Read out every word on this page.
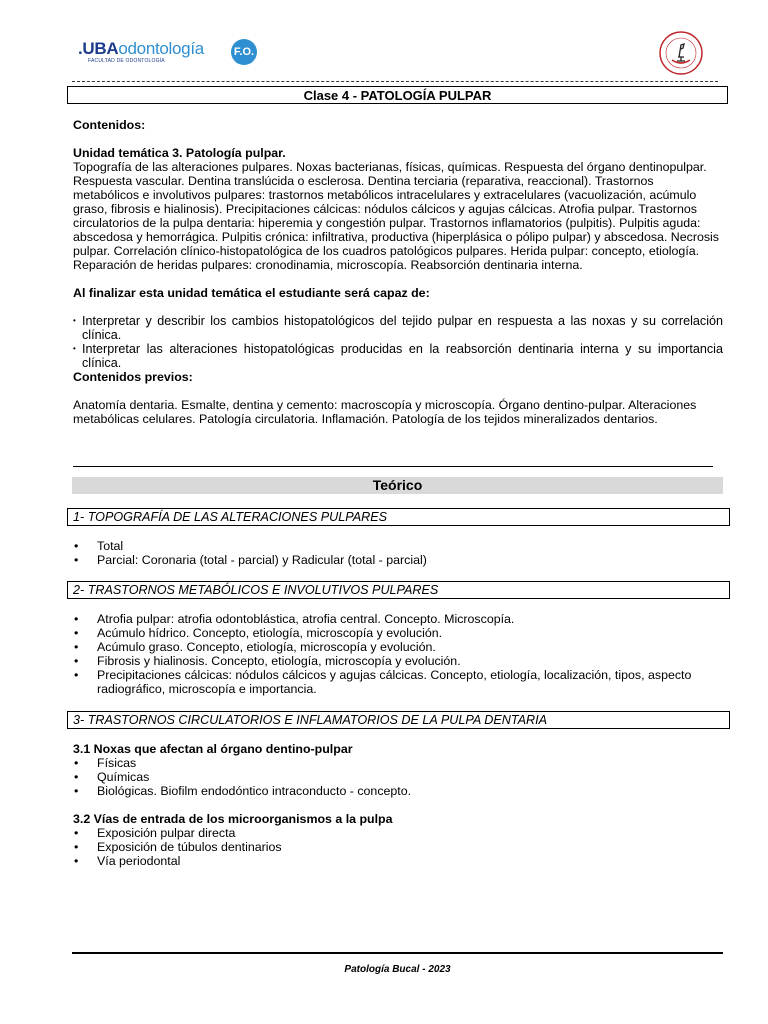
.UBAodontología
FACULTAD DE ODONTOLOGÍA
F.O.
Clase 4 - PATOLOGÍA PULPAR

Contenidos:

Unidad temática 3. Patología pulpar.

Topografía de las alteraciones pulpares. Noxas bacterianas, físicas, químicas. Respuesta del órgano dentinopulpar. Respuesta vascular. Dentina translúcida o esclerosa. Dentina terciaria (reparativa, reaccional). Trastornos metabólicos e involutivos pulpares: trastornos metabólicos intracelulares y extracelulares (vacuolización, acúmulo graso, fibrosis e hialinosis). Precipitaciones cálcicas: nódulos cálcicos y agujas cálcicas. Atrofia pulpar. Trastornos circulatorios de la pulpa dentaria: hiperemia y congestión pulpar. Trastornos inflamatorios (pulpitis). Pulpitis aguda: abscedosa y hemorrágica. Pulpitis crónica: infiltrativa, productiva (hiperplásica o pólipo pulpar) y abscedosa. Necrosis pulpar. Correlación clínico-histopatológica de los cuadros patológicos pulpares. Herida pulpar: concepto, etiología. Reparación de heridas pulpares: cronodinamia, microscopía. Reabsorción dentinaria interna.

Al finalizar esta unidad temática el estudiante será capaz de:

• Interpretar y describir los cambios histopatológicos del tejido pulpar en respuesta a las noxas y su correlación clínica.
• Interpretar las alteraciones histopatológicas producidas en la reabsorción dentinaria interna y su importancia clínica.

Contenidos previos:

Anatomía dentaria. Esmalte, dentina y cemento: macroscopía y microscopía. Órgano dentino-pulpar. Alteraciones metabólicas celulares. Patología circulatoria. Inflamación. Patología de los tejidos mineralizados dentarios.

Teórico
1- TOPOGRAFÍA DE LAS ALTERACIONES PULPARES
• Total
• Parcial: Coronaria (total - parcial) y Radicular (total - parcial)
2- TRASTORNOS METABÓLICOS E INVOLUTIVOS PULPARES
• Atrofia pulpar: atrofia odontoblástica, atrofia central. Concepto. Microscopía.
• Acúmulo hídrico. Concepto, etiología, microscopía y evolución.
• Acúmulo graso. Concepto, etiología, microscopía y evolución.
• Fibrosis y hialinosis. Concepto, etiología, microscopía y evolución.
• Precipitaciones cálcicas: nódulos cálcicos y agujas cálcicas. Concepto, etiología, localización, tipos, aspecto radiográfico, microscopía e importancia.
3- TRASTORNOS CIRCULATORIOS E INFLAMATORIOS DE LA PULPA DENTARIA

3.1 Noxas que afectan al órgano dentino-pulpar

• Físicas
• Químicas
• Biológicas. Biofilm endodóntico intraconducto - concepto.

3.2 Vías de entrada de los microorganismos a la pulpa

• Exposición pulpar directa
• Exposición de túbulos dentinarios
• Vía periodontal
Patología Bucal - 2023
